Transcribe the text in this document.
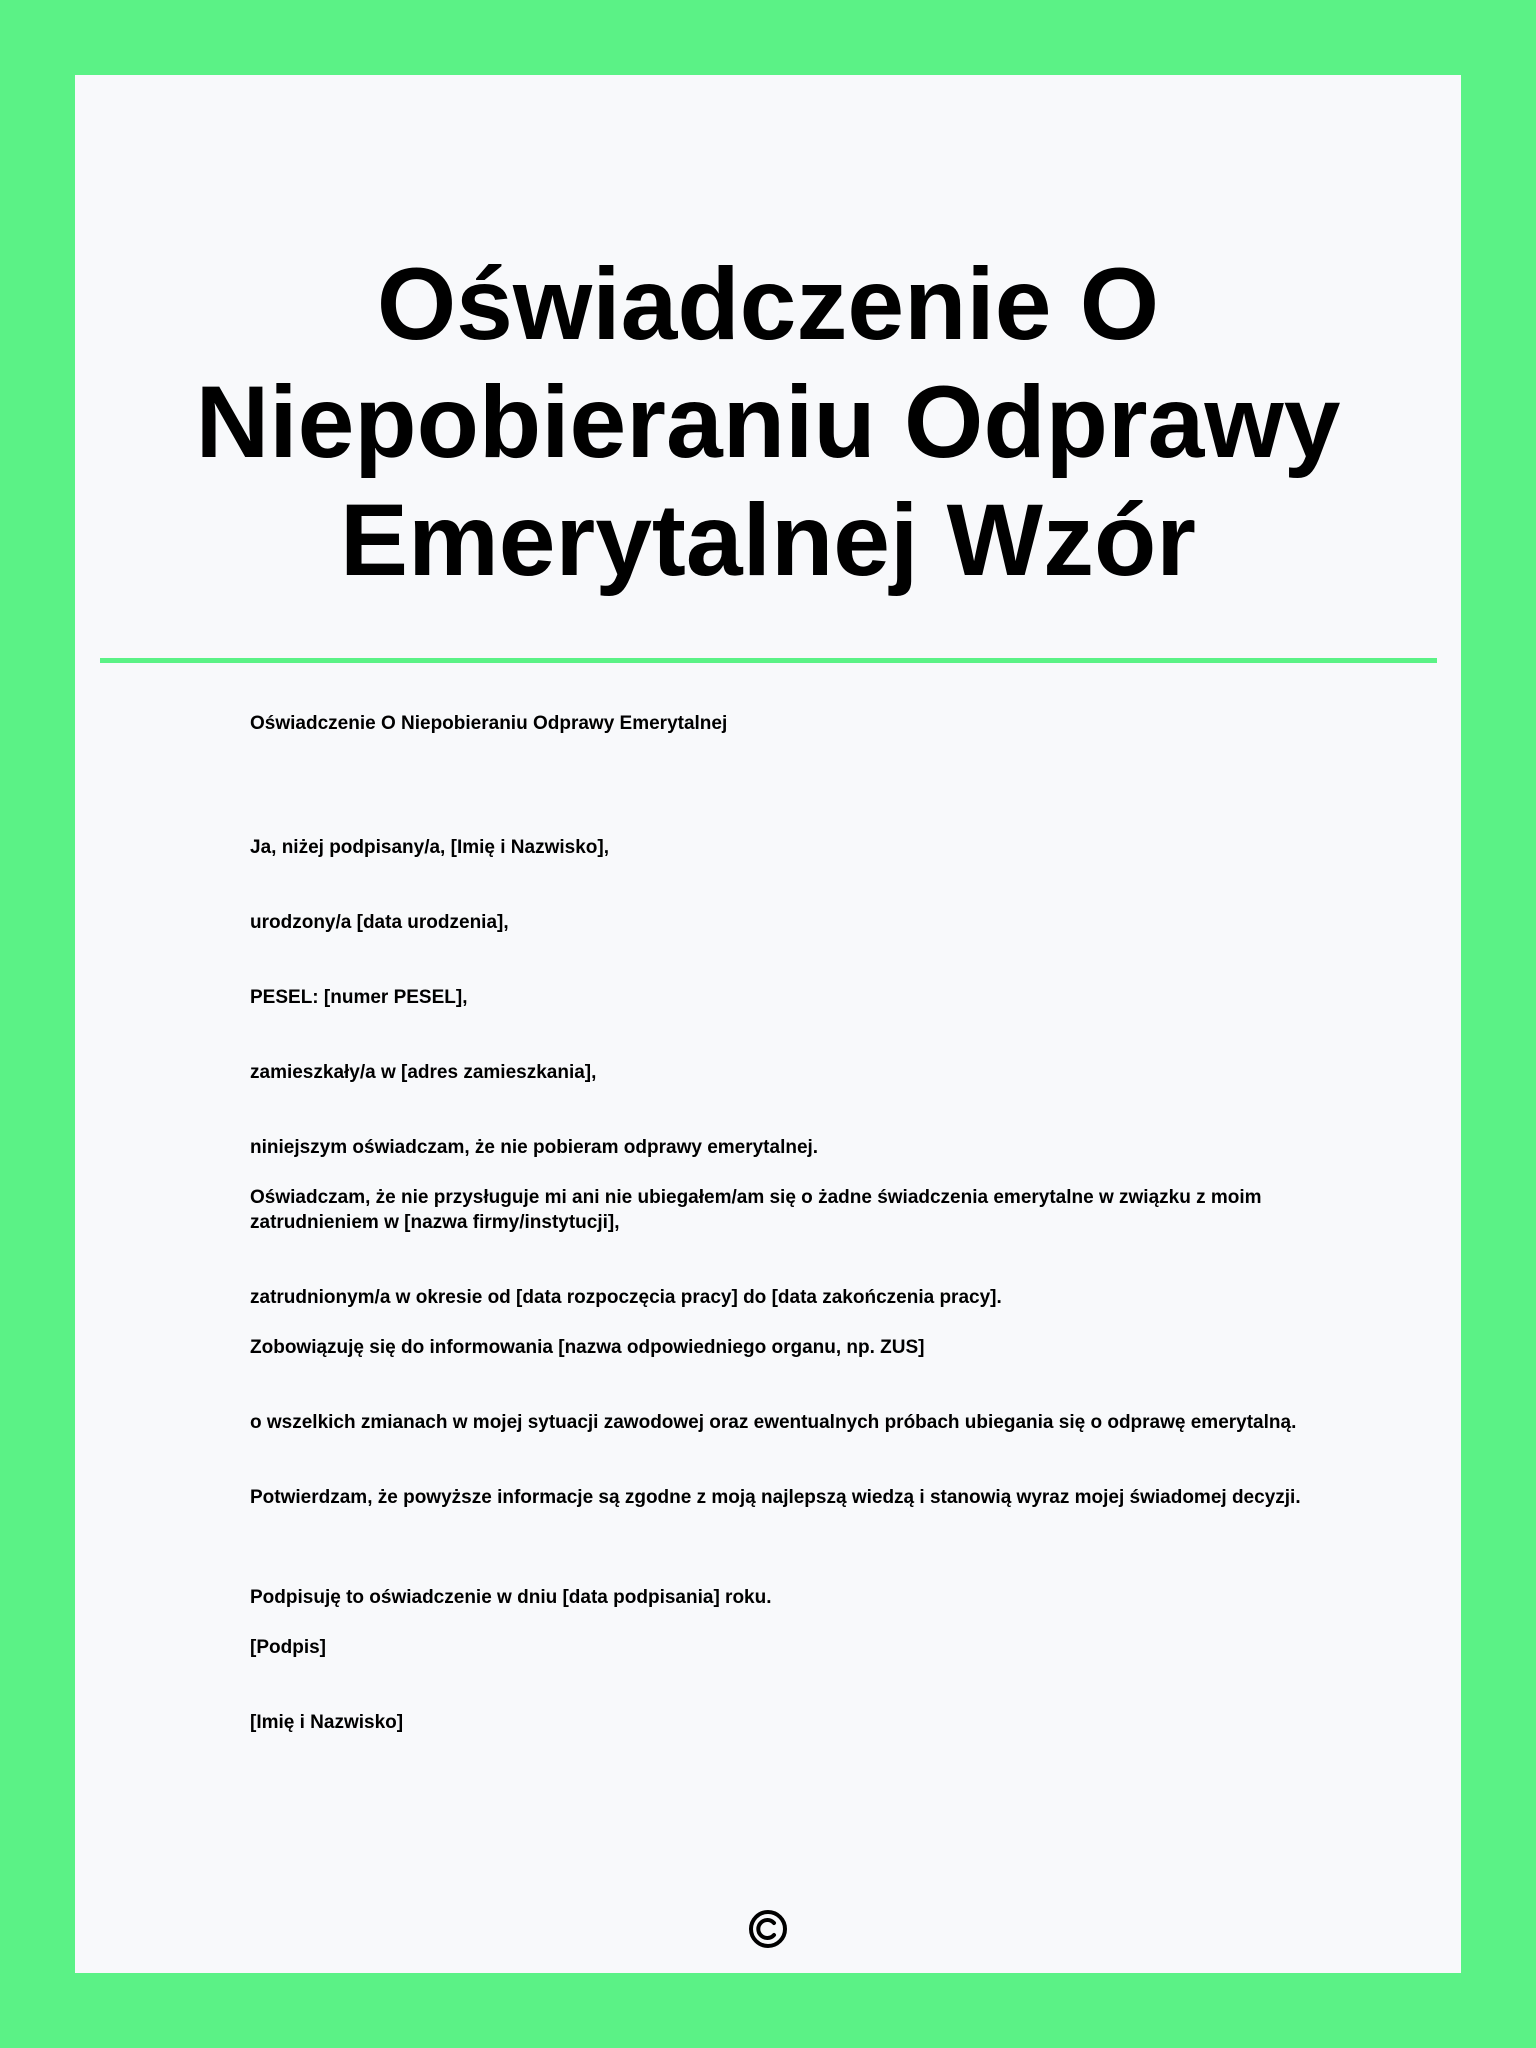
Oświadczenie O Niepobieraniu Odprawy Emerytalnej Wzór
Oświadczenie O Niepobieraniu Odprawy Emerytalnej
Ja, niżej podpisany/a, [Imię i Nazwisko],
urodzony/a [data urodzenia],
PESEL: [numer PESEL],
zamieszkały/a w [adres zamieszkania],
niniejszym oświadczam, że nie pobieram odprawy emerytalnej.
Oświadczam, że nie przysługuje mi ani nie ubiegałem/am się o żadne świadczenia emerytalne w związku z moim zatrudnieniem w [nazwa firmy/instytucji],
zatrudnionym/a w okresie od [data rozpoczęcia pracy] do [data zakończenia pracy].
Zobowiązuję się do informowania [nazwa odpowiedniego organu, np. ZUS]
o wszelkich zmianach w mojej sytuacji zawodowej oraz ewentualnych próbach ubiegania się o odprawę emerytalną.
Potwierdzam, że powyższe informacje są zgodne z moją najlepszą wiedzą i stanowią wyraz mojej świadomej decyzji.
Podpisuję to oświadczenie w dniu [data podpisania] roku.
[Podpis]
[Imię i Nazwisko]
